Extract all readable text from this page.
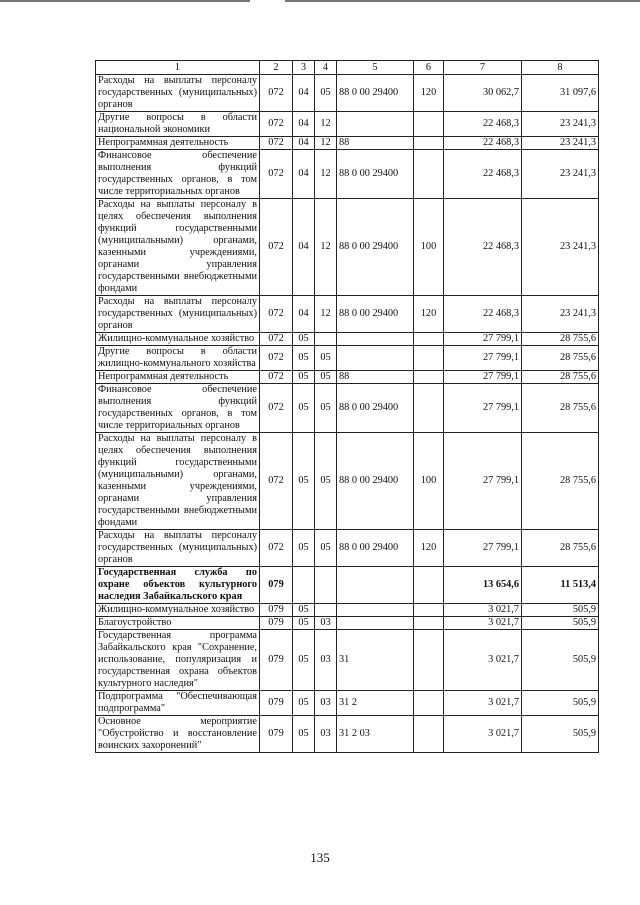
1	2	3	4	5	6	7	8
Расходы на выплаты персоналу государственных (муниципальных) органов	072	04	05	88 0 00 29400	120	30 062,7	31 097,6
Другие вопросы в области национальной экономики	072	04	12			22 468,3	23 241,3
Непрограммная деятельность	072	04	12	88		22 468,3	23 241,3
Финансовое обеспечение выполнения функций государственных органов, в том числе территориальных органов	072	04	12	88 0 00 29400		22 468,3	23 241,3
Расходы на выплаты персоналу в целях обеспечения выполнения функций государственными (муниципальными) органами, казенными учреждениями, органами управления государственными внебюджетными фондами	072	04	12	88 0 00 29400	100	22 468,3	23 241,3
Расходы на выплаты персоналу государственных (муниципальных) органов	072	04	12	88 0 00 29400	120	22 468,3	23 241,3
Жилищно-коммунальное хозяйство	072	05				27 799,1	28 755,6
Другие вопросы в области жилищно-коммунального хозяйства	072	05	05			27 799,1	28 755,6
Непрограммная деятельность	072	05	05	88		27 799,1	28 755,6
Финансовое обеспечение выполнения функций государственных органов, в том числе территориальных органов	072	05	05	88 0 00 29400		27 799,1	28 755,6
Расходы на выплаты персоналу в целях обеспечения выполнения функций государственными (муниципальными) органами, казенными учреждениями, органами управления государственными внебюджетными фондами	072	05	05	88 0 00 29400	100	27 799,1	28 755,6
Расходы на выплаты персоналу государственных (муниципальных) органов	072	05	05	88 0 00 29400	120	27 799,1	28 755,6
Государственная служба по охране объектов культурного наследия Забайкальского края	079					13 654,6	11 513,4
Жилищно-коммунальное хозяйство	079	05				3 021,7	505,9
Благоустройство	079	05	03			3 021,7	505,9
Государственная программа Забайкальского края "Сохранение, использование, популяризация и государственная охрана объектов культурного наследия"	079	05	03	31		3 021,7	505,9
Подпрограмма "Обеспечивающая подпрограмма"	079	05	03	31 2		3 021,7	505,9
Основное мероприятие "Обустройство и восстановление воинских захоронений"	079	05	03	31 2 03		3 021,7	505,9
135
